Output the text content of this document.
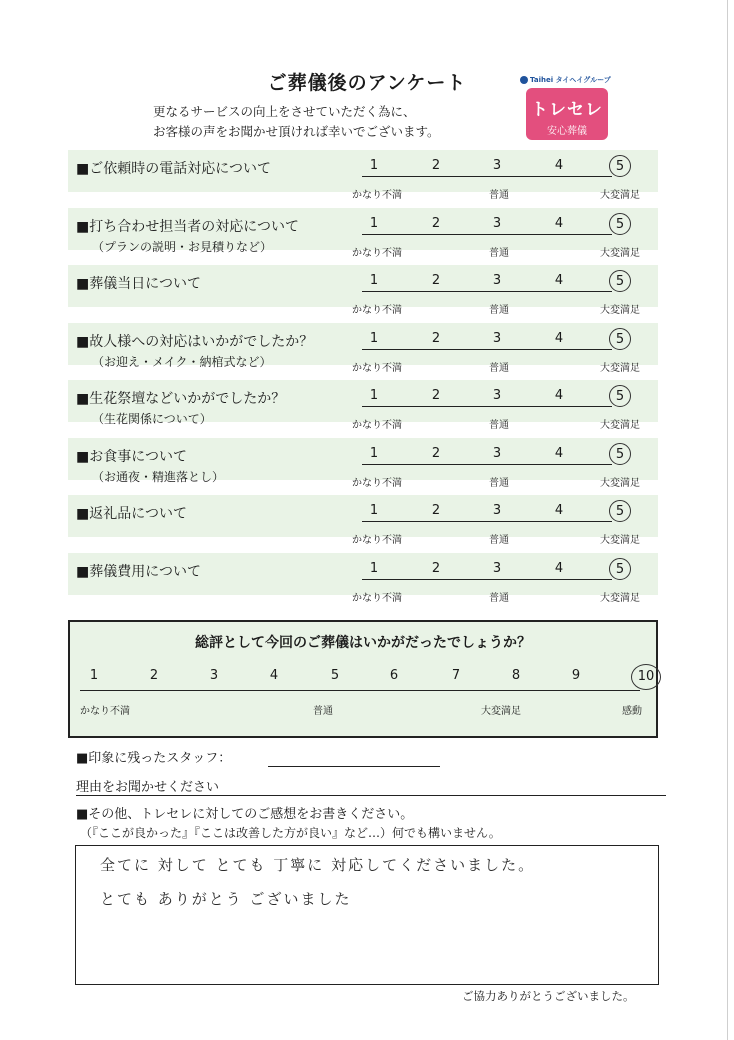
ご葬儀後のアンケート
更なるサービスの向上をさせていただく為に、
お客様の声をお聞かせ頂ければ幸いでございます。
Taihei タイヘイグループ
トレセレ
安心葬儀
■ご依頼時の電話対応について	1	2	3	4	5
かなり不満	普通	大変満足
■打ち合わせ担当者の対応について
（プランの説明・お見積りなど）
1	2	3	4	5
かなり不満	普通	大変満足
■葬儀当日について	1	2	3	4	5
かなり不満	普通	大変満足
■故人様への対応はいかがでしたか？
（お迎え・メイク・納棺式など）
1	2	3	4	5
かなり不満	普通	大変満足
■生花祭壇などいかがでしたか？
（生花関係について）
1	2	3	4	5
かなり不満	普通	大変満足
■お食事について
（お通夜・精進落とし）
1	2	3	4	5
かなり不満	普通	大変満足
■返礼品について	1	2	3	4	5
かなり不満	普通	大変満足
■葬儀費用について	1	2	3	4	5
かなり不満	普通	大変満足
総評として今回のご葬儀はいかがだったでしょうか？
1	2	3	4	5	6	7	8	9	10
かなり不満	普通	大変満足	感動
■印象に残ったスタッフ：
理由をお聞かせください
■その他、トレセレに対してのご感想をお書きください。
（『ここが良かった』『ここは改善した方が良い』など…）何でも構いません。
全てに 対して とても 丁寧に 対応してくださいました。
とても ありがとう ございました
ご協力ありがとうございました。
